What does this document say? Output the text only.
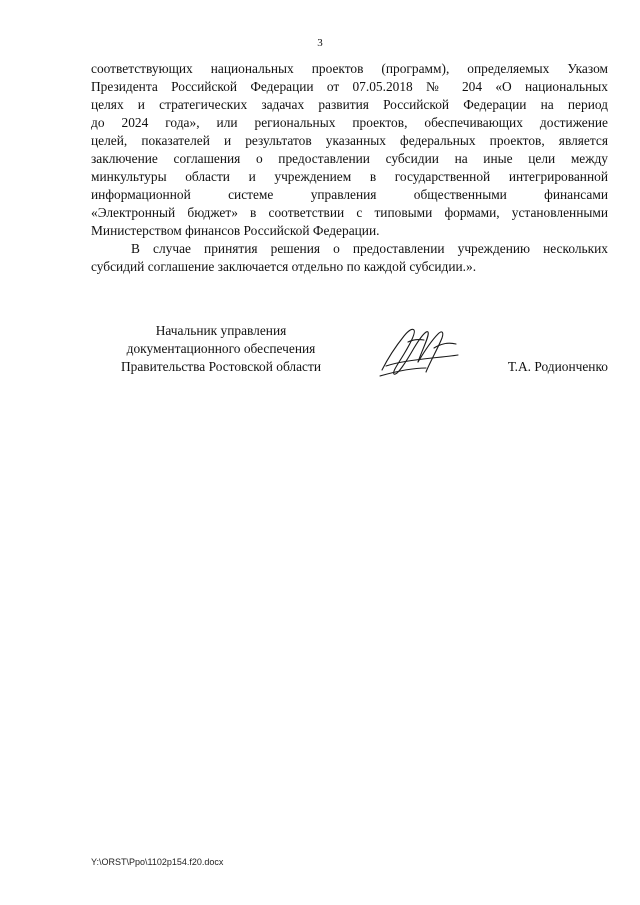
3
соответствующих национальных проектов (программ), определяемых Указом
Президента Российской Федерации от 07.05.2018 № 204 «О национальных
целях и стратегических задачах развития Российской Федерации на период
до 2024 года», или региональных проектов, обеспечивающих достижение
целей, показателей и результатов указанных федеральных проектов, является
заключение соглашения о предоставлении субсидии на иные цели между
минкультуры области и учреждением в государственной интегрированной
информационной системе управления общественными финансами
«Электронный бюджет» в соответствии с типовыми формами, установленными
Министерством финансов Российской Федерации.
В случае принятия решения о предоставлении учреждению нескольких
субсидий соглашение заключается отдельно по каждой субсидии.».
Начальник управления
документационного обеспечения
Правительства Ростовской области	Т.А. Родионченко
Y:\ORST\Ppo\1102p154.f20.docx
